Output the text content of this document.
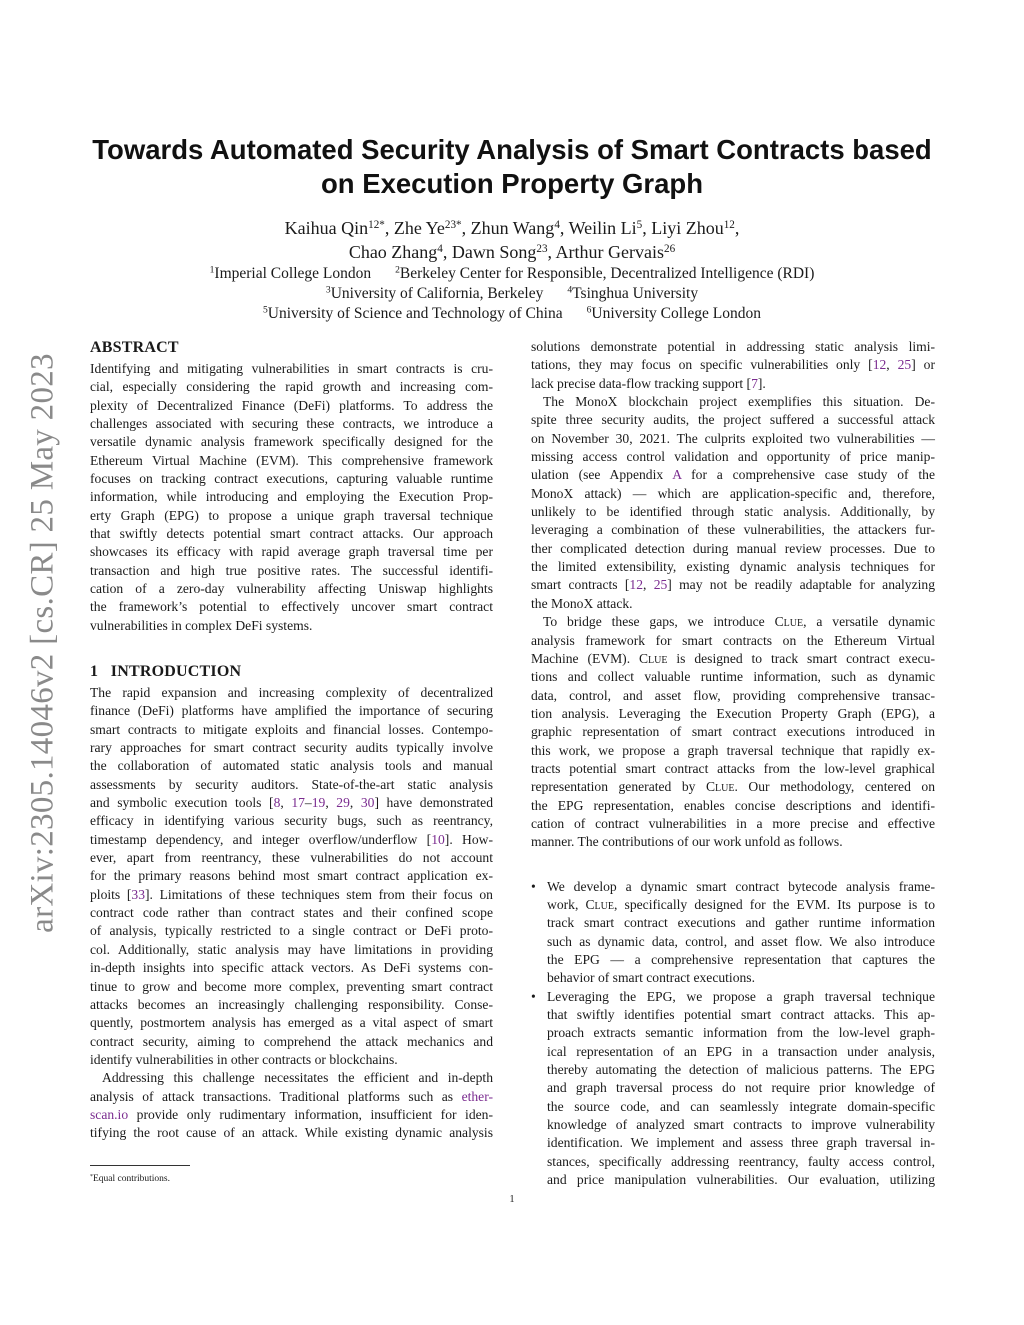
arXiv:2305.14046v2 [cs.CR] 25 May 2023
Towards Automated Security Analysis of Smart Contracts based
on Execution Property Graph
Kaihua Qin$^{12*}$, Zhe $Ye^{23*}$, Zhun Wang$^4$, Weilin Li$^5$, Liyi Zhou$^{12}$,
Chao Zhang$^4$, Dawn Song$^{23}$, Arthur Gervais$^{26}$
$^1$Imperial College London $^2$Berkeley Center for Responsible, Decentralized Intelligence (RDI)
$^3$University of California, Berkeley $^4$Tsinghua University
$^5$University of Science and Technology of China $^6$University College London
ABSTRACT
Identifying and mitigating vulnerabilities in smart contracts is cru-
cial, especially considering the rapid growth and increasing com-
plexity of Decentralized Finance (DeFi) platforms. To address the
challenges associated with securing these contracts, we introduce a
versatile dynamic analysis framework specifically designed for the
Ethereum Virtual Machine (EVM). This comprehensive framework
focuses on tracking contract executions, capturing valuable runtime
information, while introducing and employing the Execution Prop-
erty Graph (EPG) to propose a unique graph traversal technique
that swiftly detects potential smart contract attacks. Our approach
showcases its efficacy with rapid average graph traversal time per
transaction and high true positive rates. The successful identifi-
cation of a zero-day vulnerability affecting Uniswap highlights
the framework’s potential to effectively uncover smart contract
vulnerabilities in complex DeFi systems.
1   INTRODUCTION
The rapid expansion and increasing complexity of decentralized
finance (DeFi) platforms have amplified the importance of securing
smart contracts to mitigate exploits and financial losses. Contempo-
rary approaches for smart contract security audits typically involve
the collaboration of automated static analysis tools and manual
assessments by security auditors. State-of-the-art static analysis
and symbolic execution tools [8, 17–19, 29, 30] have demonstrated
efficacy in identifying various security bugs, such as reentrancy,
timestamp dependency, and integer overflow/underflow [10]. How-
ever, apart from reentrancy, these vulnerabilities do not account
for the primary reasons behind most smart contract application ex-
ploits [33]. Limitations of these techniques stem from their focus on
contract code rather than contract states and their confined scope
of analysis, typically restricted to a single contract or DeFi proto-
col. Additionally, static analysis may have limitations in providing
in-depth insights into specific attack vectors. As DeFi systems con-
tinue to grow and become more complex, preventing smart contract
attacks becomes an increasingly challenging responsibility. Conse-
quently, postmortem analysis has emerged as a vital aspect of smart
contract security, aiming to comprehend the attack mechanics and
identify vulnerabilities in other contracts or blockchains.
Addressing this challenge necessitates the efficient and in-depth
analysis of attack transactions. Traditional platforms such as ether-
scan.io provide only rudimentary information, insufficient for iden-
tifying the root cause of an attack. While existing dynamic analysis
solutions demonstrate potential in addressing static analysis limi-
tations, they may focus on specific vulnerabilities only [12, 25] or
lack precise data-flow tracking support [7].
The MonoX blockchain project exemplifies this situation. De-
spite three security audits, the project suffered a successful attack
on November 30, 2021. The culprits exploited two vulnerabilities —
missing access control validation and opportunity of price manip-
ulation (see Appendix A for a comprehensive case study of the
MonoX attack) — which are application-specific and, therefore,
unlikely to be identified through static analysis. Additionally, by
leveraging a combination of these vulnerabilities, the attackers fur-
ther complicated detection during manual review processes. Due to
the limited extensibility, existing dynamic analysis techniques for
smart contracts [12, 25] may not be readily adaptable for analyzing
the MonoX attack.
To bridge these gaps, we introduce Clue, a versatile dynamic
analysis framework for smart contracts on the Ethereum Virtual
Machine (EVM). Clue is designed to track smart contract execu-
tions and collect valuable runtime information, such as dynamic
data, control, and asset flow, providing comprehensive transac-
tion analysis. Leveraging the Execution Property Graph (EPG), a
graphic representation of smart contract executions introduced in
this work, we propose a graph traversal technique that rapidly ex-
tracts potential smart contract attacks from the low-level graphical
representation generated by Clue. Our methodology, centered on
the EPG representation, enables concise descriptions and identifi-
cation of contract vulnerabilities in a more precise and effective
manner. The contributions of our work unfold as follows.
• We develop a dynamic smart contract bytecode analysis frame-
work, Clue, specifically designed for the EVM. Its purpose is to
track smart contract executions and gather runtime information
such as dynamic data, control, and asset flow. We also introduce
the EPG — a comprehensive representation that captures the
behavior of smart contract executions.
• Leveraging the EPG, we propose a graph traversal technique
that swiftly identifies potential smart contract attacks. This ap-
proach extracts semantic information from the low-level graph-
ical representation of an EPG in a transaction under analysis,
thereby automating the detection of malicious patterns. The EPG
and graph traversal process do not require prior knowledge of
the source code, and can seamlessly integrate domain-specific
knowledge of analyzed smart contracts to improve vulnerability
identification. We implement and assess three graph traversal in-
stances, specifically addressing reentrancy, faulty access control,
and price manipulation vulnerabilities. Our evaluation, utilizing
*Equal contributions.
1
